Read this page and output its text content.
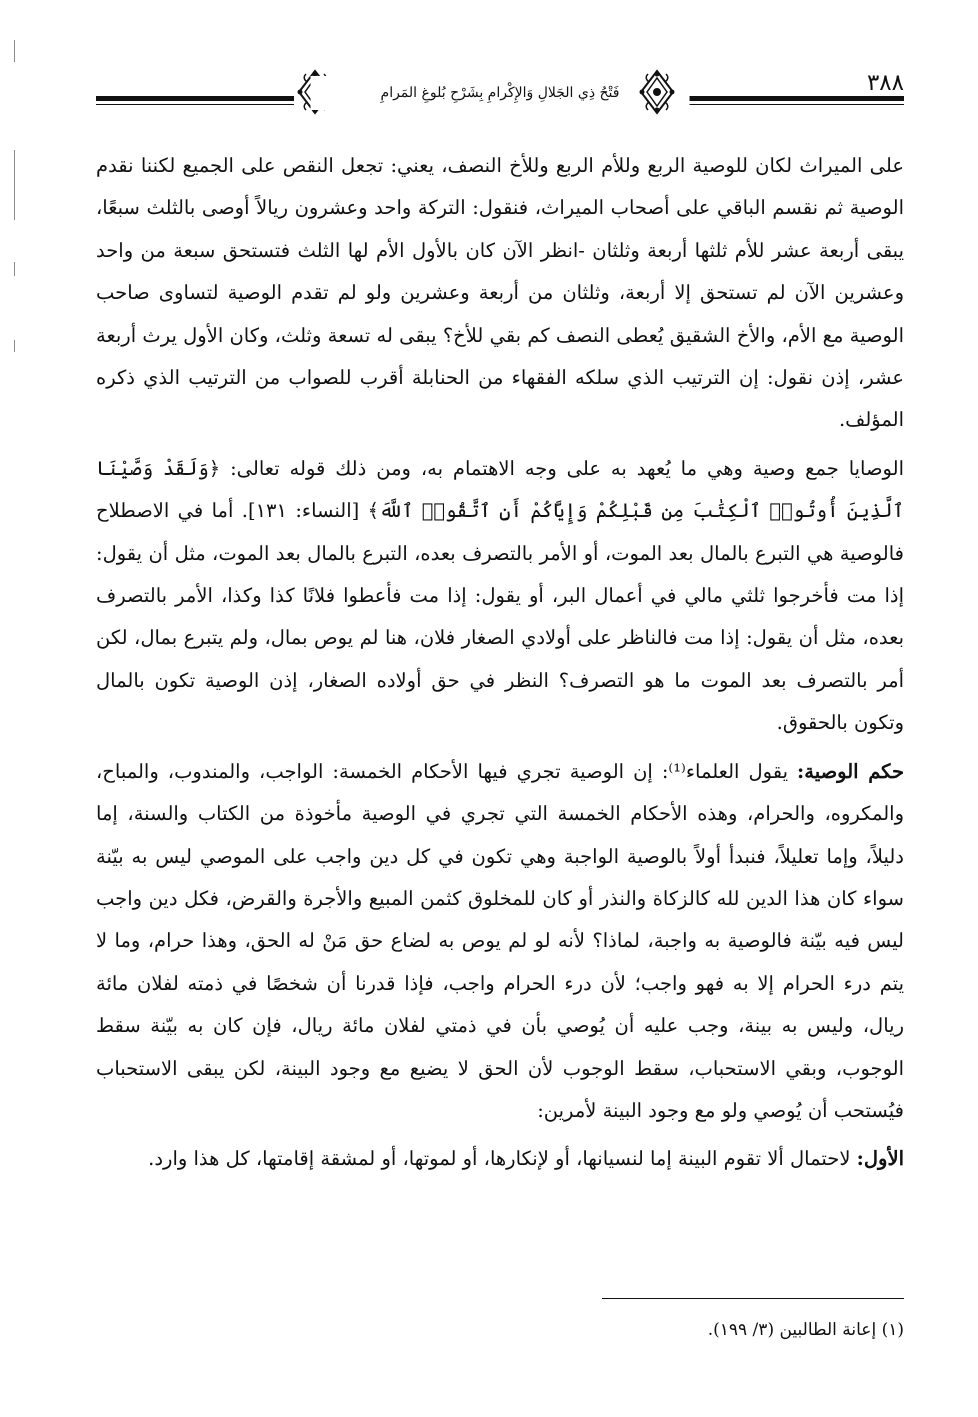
٣٨٨
فَتْحُ ذِي الجَلالِ وَالإِكْرامِ بِشَرْحِ بُلوغِ المَرامِ

على الميراث لكان للوصية الربع وللأم الربع وللأخ النصف، يعني: تجعل النقص على الجميع لكننا نقدم الوصية ثم نقسم الباقي على أصحاب الميراث، فنقول: التركة واحد وعشرون ريالاً أوصى بالثلث سبعًا، يبقى أربعة عشر للأم ثلثها أربعة وثلثان -انظر الآن كان بالأول الأم لها الثلث فتستحق سبعة من واحد وعشرين الآن لم تستحق إلا أربعة، وثلثان من أربعة وعشرين ولو لم تقدم الوصية لتساوى صاحب الوصية مع الأم، والأخ الشقيق يُعطى النصف كم بقي للأخ؟ يبقى له تسعة وثلث، وكان الأول يرث أربعة عشر، إذن نقول: إن الترتيب الذي سلكه الفقهاء من الحنابلة أقرب للصواب من الترتيب الذي ذكره المؤلف.

الوصايا جمع وصية وهي ما يُعهد به على وجه الاهتمام به، ومن ذلك قوله تعالى: ﴿وَلَقَدْ وَصَّيْنَا ٱلَّذِينَ أُوتُوا۟ ٱلْكِتَٰبَ مِن قَبْلِكُمْ وَإِيَّاكُمْ أَنِ ٱتَّقُوا۟ ٱللَّهَ﴾ [النساء: ١٣١]. أما في الاصطلاح فالوصية هي التبرع بالمال بعد الموت، أو الأمر بالتصرف بعده، التبرع بالمال بعد الموت، مثل أن يقول: إذا مت فأخرجوا ثلثي مالي في أعمال البر، أو يقول: إذا مت فأعطوا فلانًا كذا وكذا، الأمر بالتصرف بعده، مثل أن يقول: إذا مت فالناظر على أولادي الصغار فلان، هنا لم يوص بمال، ولم يتبرع بمال، لكن أمر بالتصرف بعد الموت ما هو التصرف؟ النظر في حق أولاده الصغار، إذن الوصية تكون بالمال وتكون بالحقوق.

حكم الوصية: يقول العلماء⁽¹⁾: إن الوصية تجري فيها الأحكام الخمسة: الواجب، والمندوب، والمباح، والمكروه، والحرام، وهذه الأحكام الخمسة التي تجري في الوصية مأخوذة من الكتاب والسنة، إما دليلاً، وإما تعليلاً، فنبدأ أولاً بالوصية الواجبة وهي تكون في كل دين واجب على الموصي ليس به بيّنة سواء كان هذا الدين لله كالزكاة والنذر أو كان للمخلوق كثمن المبيع والأجرة والقرض، فكل دين واجب ليس فيه بيّنة فالوصية به واجبة، لماذا؟ لأنه لو لم يوص به لضاع حق مَنْ له الحق، وهذا حرام، وما لا يتم درء الحرام إلا به فهو واجب؛ لأن درء الحرام واجب، فإذا قدرنا أن شخصًا في ذمته لفلان مائة ريال، وليس به بينة، وجب عليه أن يُوصي بأن في ذمتي لفلان مائة ريال، فإن كان به بيّنة سقط الوجوب، وبقي الاستحباب، سقط الوجوب لأن الحق لا يضيع مع وجود البينة، لكن يبقى الاستحباب فيُستحب أن يُوصي ولو مع وجود البينة لأمرين:

الأول: لاحتمال ألا تقوم البينة إما لنسيانها، أو لإنكارها، أو لموتها، أو لمشقة إقامتها، كل هذا وارد.

(١) إعانة الطالبين (٣/ ١٩٩).
